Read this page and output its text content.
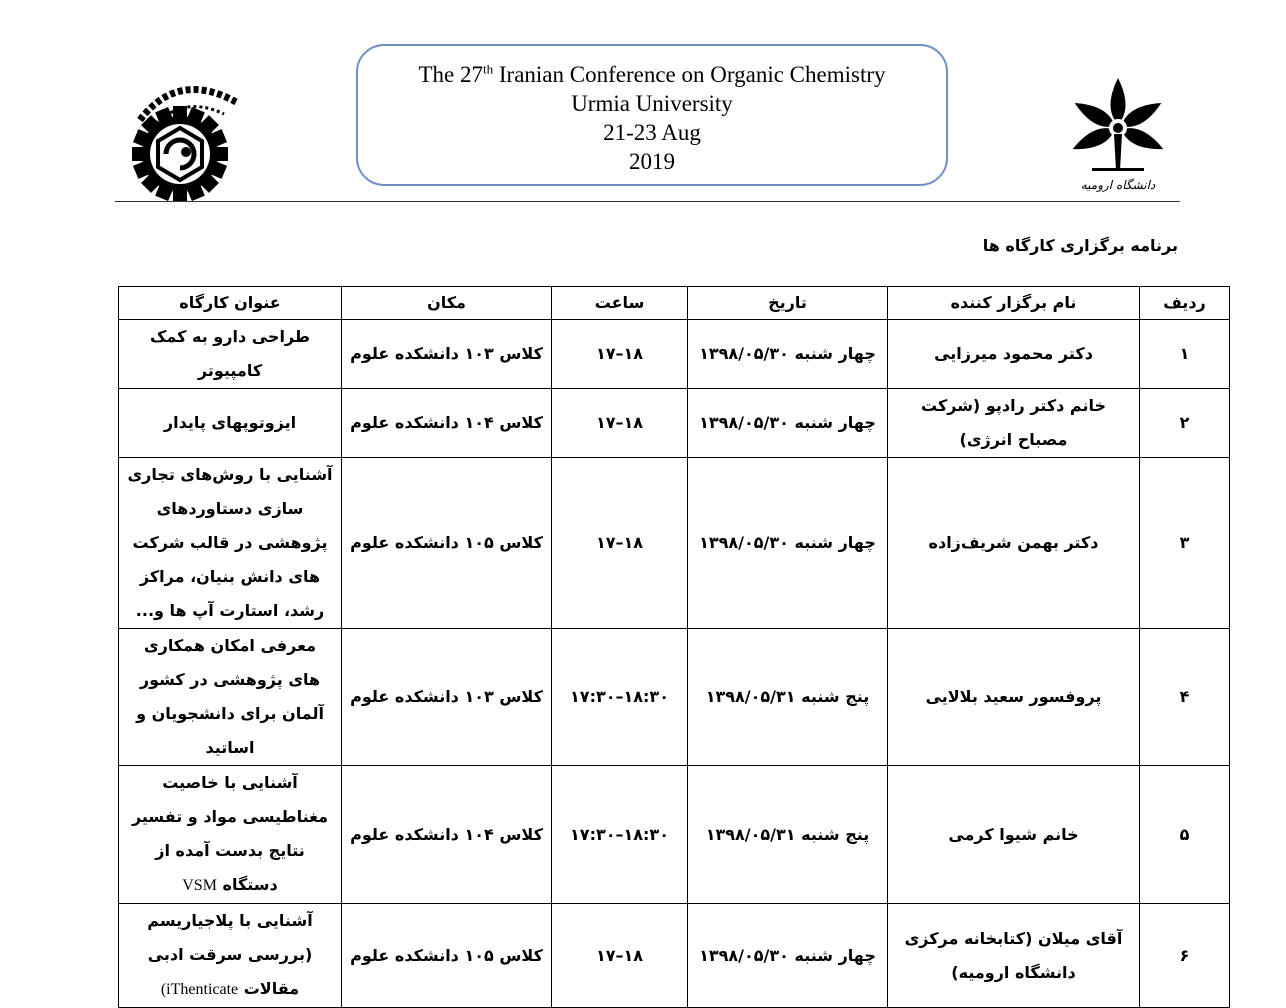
The 27th Iranian Conference on Organic Chemistry
Urmia University
21-23 Aug
2019
دانشگاه ارومیه
برنامه برگزاری کارگاه ها
ردیف	نام برگزار کننده	تاریخ	ساعت	مکان	عنوان کارگاه
۱	دکتر محمود میرزایی	چهار شنبه ۱۳۹۸/۰۵/۳۰	۱۸–۱۷	کلاس ۱۰۳ دانشکده علوم	طراحی دارو به کمک کامپیوتر
۲	خانم دکتر رادپو (شرکت مصباح انرژی)	چهار شنبه ۱۳۹۸/۰۵/۳۰	۱۸–۱۷	کلاس ۱۰۴ دانشکده علوم	ایزوتوپهای پایدار
۳	دکتر بهمن شریف‌زاده	چهار شنبه ۱۳۹۸/۰۵/۳۰	۱۸–۱۷	کلاس ۱۰۵ دانشکده علوم	آشنایی با روش‌های تجاری سازی دستاوردهای پژوهشی در قالب شرکت های دانش بنیان، مراکز رشد، استارت آپ ها و...
۴	پروفسور سعید بلالایی	پنج شنبه ۱۳۹۸/۰۵/۳۱	۱۸:۳۰–۱۷:۳۰	کلاس ۱۰۳ دانشکده علوم	معرفی امکان همکاری های پژوهشی در کشور آلمان برای دانشجویان و اساتید
۵	خانم شیوا کرمی	پنج شنبه ۱۳۹۸/۰۵/۳۱	۱۸:۳۰–۱۷:۳۰	کلاس ۱۰۴ دانشکده علوم	آشنایی با خاصیت مغناطیسی مواد و تفسیر نتایج بدست آمده از دستگاه VSM
۶	آقای میلان (کتابخانه مرکزی دانشگاه ارومیه)	چهار شنبه ۱۳۹۸/۰۵/۳۰	۱۸–۱۷	کلاس ۱۰۵ دانشکده علوم	آشنایی با پلاجیاریسم (بررسی سرقت ادبی مقالات iThenticate)
